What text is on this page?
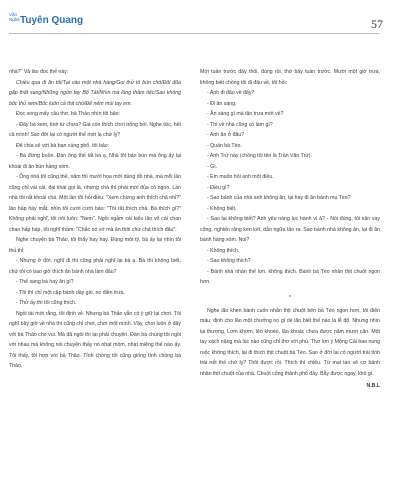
Văn Nghệ Tuyên Quang	57

nhà?" Vả lào đọc thế này:

Chiều qua đi ăn tối/Tại vào một nhà hàng/Gọi thử tô bún chó/Đôi đũa gắp thật sang/Những ngón tay Bổ Tát/Nhìn mà lòng thầm tiếc/Sao không bốc thủ xem/Bốc luôn cả thịt chó/Để nếm mùi tay em.

Đọc xong mấy câu thơ, bà Thảo nhìn tôi bảo:

- Đây bà xem, tinh tứ chưa? Giá còn thích chơi trống bỏi. Nghe tức, hết cả mình! Sao đời lại có người thế mới lạ chứ lỵ?

Để chia sẻ với bà bạn cùng phổ, tôi bảo:

- Bà đừng buồn. Đàn ông thế tất bà ạ. Nhà tôi bán bún mà ông ấy lại khoái đi ăn bún hàng xóm.

- Ông nhà tôi cũng thế, năm thì mười họa mới dùng đồ nhà, mà mỗi lần cũng chỉ vài cái, đại khái gọi là, nhưng chả thì phải mời đủa cô ngon. Lần nhà tôi rất khoái chá. Một lần tôi hỏi điều: "Xem chừng anh thích chả nhỉ?" lão hấp háy mắt, nhìn tôi cười cười bảo: "Tôi rất thích chả. Bà thích gì?" Không phải nghĩ, tôi nói luôn: "Nem". Ngồi ngẫm cái kiểu lão vổ cái chan chan hấp háp, tôi nghĩ thầm: "Chắc nó vớ mà ăn thôi chứ chả thích đâu".

Nghe chuyện bà Thảo, tôi thấy hay hay. Đúng một tý, bà ấy lại nhìn tôi thủ thỉ:

- Nhưng ở đời, nghĩ đi thì cũng phải nghĩ lại bà ạ. Bà thì không biết, chứ tôi có bao giờ thích ăn bánh nhà làm đâu?

- Thế sang bà hay ăn gì?

- Tôi thì chỉ một cặp bánh dầy giò, no điền trưa.

- Thử ấy thì tôi cũng thích.

Ngồi tài mới rằng, tôi định về. Nhưng bà Thảo vẫn có ý giữ lại chơi. Tôi nghĩ bây giờ về nhà thì cũng chỉ chơi, chơi một mình. Vậy, chơi luôn ở đây với bà Thảo cho vui. Mà đã ngồi thì lại phải chuyện. Đàn bà chúng tôi ngồi với nhau mà không nói chuyện thấy nó nhạt mồm, nhạt miệng thế nào ấy. Tôi thấy, tôi hợp với bà Thảo. Tính chồng tôi cũng giống tính chồng bà Thảo.

Mới tuần trước đây thôi, đúng rồi, thứ bảy tuần trước. Mười một giờ trưa, không biết chồng tôi đi đâu về, tôi hỏi:

- Anh đi đâu về đấy?

- Đi ăn sáng.

- Ăn sáng gì mà tận trưa mới về?

- Thì về nhà cũng có làm gì?

- Anh ăn ở đâu?

- Quán bà Tèo.

- Anh Trứ này (chồng tôi tên là Trần Văn Trứ).

- Gì.

- Em muốn hỏi anh một điều.

- Điều gì?

- Sao bánh của nhà anh không ăn, lại hay đi ăn bánh mụ Tèo?

- Không biết.

- Sao lại không biết? Anh yêu nàng lục hành vì ả? - Nói đùng, tôi xăn vay cổng, nghiến răng ken két, dẫn ngữa lão ra: Sao bánh nhà không ăn, lại đi ăn bánh hàng xóm. Nói?

- Không thích.

- Sao không thích?

- Bánh nhà nhàn thế lợn, không thích. Bánh bà Tèo nhàn thịt chuột ngon hơn.

*

Nghe lão khen bánh cuốn nhân thịt chuột bên bà Tèo ngon hơn, tôi điên máu, định cho lão một chưởng nọ gì dé lão biết thế nào là lễ độ. Nhưng nhìn lại thương. Lơm khơm, lêo khoéo, lão khoác chưa được năm mươi cân. Một tay xách nặng mà lúc nào cũng chỉ thơ với phú. Thơ lợn ý Mộng Cái bao nung ruộc không thích, lại đi thích thịt chuột bà Tèo. Sao ở đời lại có người trái tính trái nết thế chứ lỵ? Thôi được rồi. Thích thì chiều. Từ mai tao sẽ cơ bánh nhân thịt chuột của nhà. Chuột cống thành phố đây. Bẫy được ngay, khó gì.

N.B.L
